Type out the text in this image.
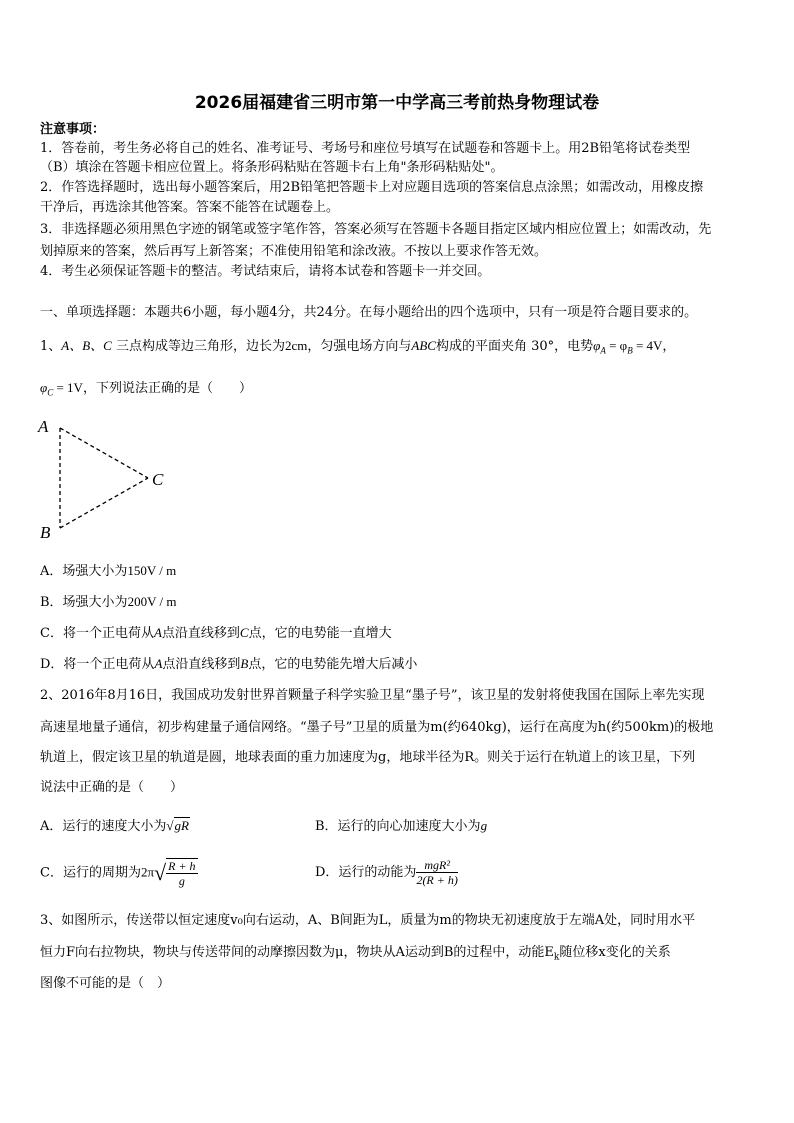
2026届福建省三明市第一中学高三考前热身物理试卷
注意事项：
1．答卷前，考生务必将自己的姓名、准考证号、考场号和座位号填写在试题卷和答题卡上。用2B铅笔将试卷类型
（B）填涂在答题卡相应位置上。将条形码粘贴在答题卡右上角"条形码粘贴处"。
2．作答选择题时，选出每小题答案后，用2B铅笔把答题卡上对应题目选项的答案信息点涂黑；如需改动，用橡皮擦
干净后，再选涂其他答案。答案不能答在试题卷上。
3．非选择题必须用黑色字迹的钢笔或签字笔作答，答案必须写在答题卡各题目指定区域内相应位置上；如需改动，先
划掉原来的答案，然后再写上新答案；不准使用铅笔和涂改液。不按以上要求作答无效。
4．考生必须保证答题卡的整洁。考试结束后，请将本试卷和答题卡一并交回。
一、单项选择题：本题共6小题，每小题4分，共24分。在每小题给出的四个选项中，只有一项是符合题目要求的。
1、A、B、C 三点构成等边三角形，边长为2cm，匀强电场方向与ABC构成的平面夹角 30°，电势$\varphi_A = \varphi_B = 4V$，
$\varphi_C = 1V$，下列说法正确的是（　　）
A
B
C
A．场强大小为150V / m
B．场强大小为200V / m
C．将一个正电荷从A点沿直线移到C点，它的电势能一直增大
D．将一个正电荷从A点沿直线移到B点，它的电势能先增大后减小
2、2016年8月16日，我国成功发射世界首颗量子科学实验卫星“墨子号”，该卫星的发射将使我国在国际上率先实现
高速星地量子通信，初步构建量子通信网络。“墨子号”卫星的质量为m(约640kg)，运行在高度为h(约500km)的极地
轨道上，假定该卫星的轨道是圆，地球表面的重力加速度为g，地球半径为R。则关于运行在轨道上的该卫星，下列
说法中正确的是（　　）
A．运行的速度大小为√gR	B．运行的向心加速度大小为g
C．运行的周期为$2\pi√ \frac{R + h}{g}$	D．运行的动能为 $\frac{\text{mgR²}}{2(R + h)}$
3、如图所示，传送带以恒定速度v₀向右运动，A、B间距为L，质量为m的物块无初速度放于左端A处，同时用水平
恒力F向右拉物块，物块与传送带间的动摩擦因数为μ，物块从A运动到B的过程中，动能$E_k$随位移x变化的关系
图像不可能的是（　）
